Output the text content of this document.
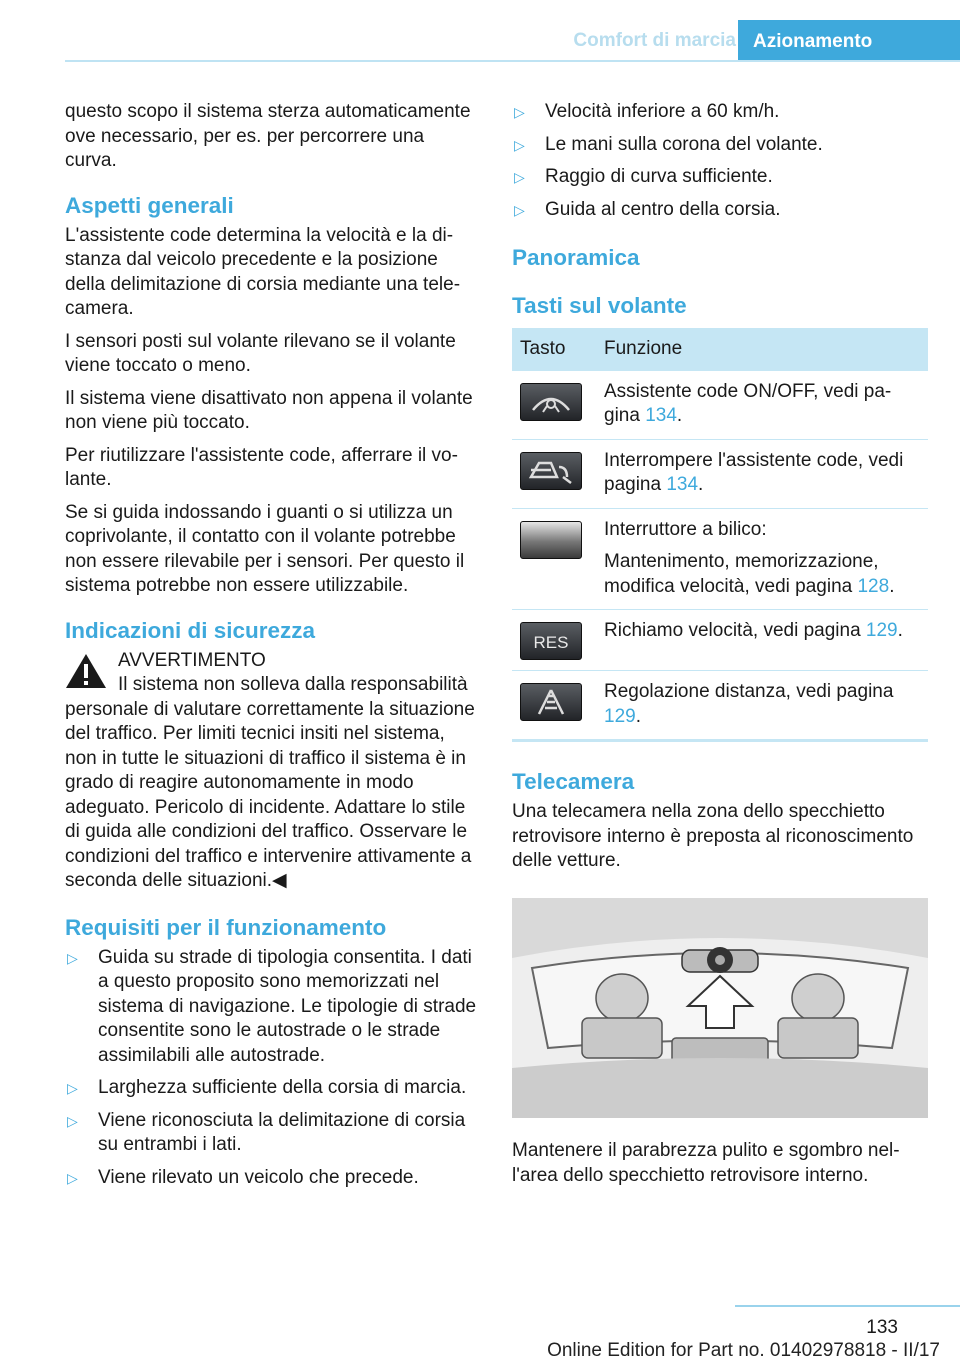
Comfort di marcia Azionamento

questo scopo il sistema sterza automaticamente ove necessario, per es. per percorrere una curva.

Aspetti generali

L'assistente code determina la velocità e la distanza dal veicolo precedente e la posizione della delimitazione di corsia mediante una telecamera.

I sensori posti sul volante rilevano se il volante viene toccato o meno.

Il sistema viene disattivato non appena il volante non viene più toccato.

Per riutilizzare l'assistente code, afferrare il volante.

Se si guida indossando i guanti o si utilizza un coprivolante, il contatto con il volante potrebbe non essere rilevabile per i sensori. Per questo il sistema potrebbe non essere utilizzabile.

Indicazioni di sicurezza
AVVERTIMENTO
Il sistema non solleva dalla responsabilità
personale di valutare correttamente la situazione del traffico. Per limiti tecnici insiti nel sistema, non in tutte le situazioni di traffico il sistema è in grado di reagire autonomamente in modo adeguato. Pericolo di incidente. Adattare lo stile di guida alle condizioni del traffico. Osservare le condizioni del traffico e intervenire attivamente a seconda delle situazioni.◀
Requisiti per il funzionamento
▷ Guida su strade di tipologia consentita. I dati a questo proposito sono memorizzati nel sistema di navigazione. Le tipologie di strade consentite sono le autostrade o le strade assimilabili alle autostrade.
▷ Larghezza sufficiente della corsia di marcia.
▷ Viene riconosciuta la delimitazione di corsia su entrambi i lati.
▷ Viene rilevato un veicolo che precede.
▷ Velocità inferiore a 60 km/h.
▷ Le mani sulla corona del volante.
▷ Raggio di curva sufficiente.
▷ Guida al centro della corsia.
Panoramica
Tasti sul volante
Tasto	Funzione

	Assistente code ON/OFF, vedi pagina 134.

	Interrompere l'assistente code, vedi pagina 134.

	Interruttore a bilico:
Mantenimento, memorizzazione, modifica velocità, vedi pagina 128.

RES	Richiamo velocità, vedi pagina 129.

	Regolazione distanza, vedi pagina 129.
Telecamera

Una telecamera nella zona dello specchietto retrovisore interno è preposta al riconoscimento delle vetture.

Mantenere il parabrezza pulito e sgombro nell'area dello specchietto retrovisore interno.

133
Online Edition for Part no. 01402978818 - II/17
